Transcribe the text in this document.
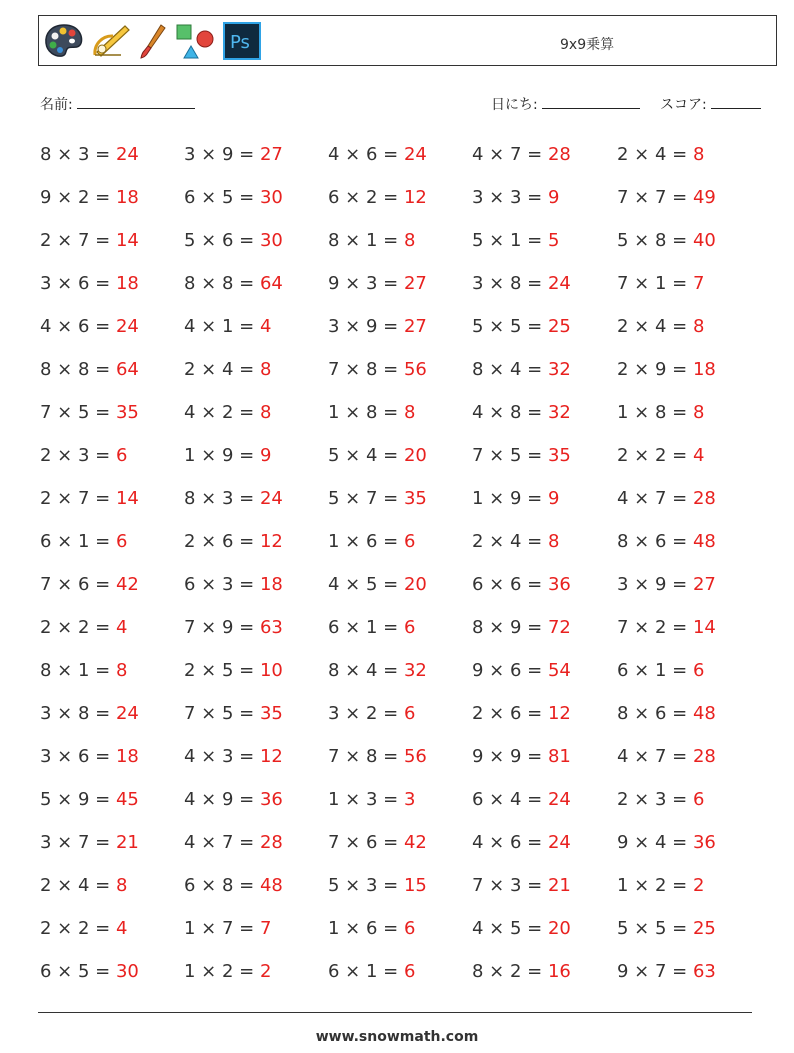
Ps	9x9乗算
名前:	日にち:	スコア:
8 × 3 = 24	3 × 9 = 27	4 × 6 = 24	4 × 7 = 28	2 × 4 = 8
9 × 2 = 18	6 × 5 = 30	6 × 2 = 12	3 × 3 = 9	7 × 7 = 49
2 × 7 = 14	5 × 6 = 30	8 × 1 = 8	5 × 1 = 5	5 × 8 = 40
3 × 6 = 18	8 × 8 = 64	9 × 3 = 27	3 × 8 = 24	7 × 1 = 7
4 × 6 = 24	4 × 1 = 4	3 × 9 = 27	5 × 5 = 25	2 × 4 = 8
8 × 8 = 64	2 × 4 = 8	7 × 8 = 56	8 × 4 = 32	2 × 9 = 18
7 × 5 = 35	4 × 2 = 8	1 × 8 = 8	4 × 8 = 32	1 × 8 = 8
2 × 3 = 6	1 × 9 = 9	5 × 4 = 20	7 × 5 = 35	2 × 2 = 4
2 × 7 = 14	8 × 3 = 24	5 × 7 = 35	1 × 9 = 9	4 × 7 = 28
6 × 1 = 6	2 × 6 = 12	1 × 6 = 6	2 × 4 = 8	8 × 6 = 48
7 × 6 = 42	6 × 3 = 18	4 × 5 = 20	6 × 6 = 36	3 × 9 = 27
2 × 2 = 4	7 × 9 = 63	6 × 1 = 6	8 × 9 = 72	7 × 2 = 14
8 × 1 = 8	2 × 5 = 10	8 × 4 = 32	9 × 6 = 54	6 × 1 = 6
3 × 8 = 24	7 × 5 = 35	3 × 2 = 6	2 × 6 = 12	8 × 6 = 48
3 × 6 = 18	4 × 3 = 12	7 × 8 = 56	9 × 9 = 81	4 × 7 = 28
5 × 9 = 45	4 × 9 = 36	1 × 3 = 3	6 × 4 = 24	2 × 3 = 6
3 × 7 = 21	4 × 7 = 28	7 × 6 = 42	4 × 6 = 24	9 × 4 = 36
2 × 4 = 8	6 × 8 = 48	5 × 3 = 15	7 × 3 = 21	1 × 2 = 2
2 × 2 = 4	1 × 7 = 7	1 × 6 = 6	4 × 5 = 20	5 × 5 = 25
6 × 5 = 30	1 × 2 = 2	6 × 1 = 6	8 × 2 = 16	9 × 7 = 63
www.snowmath.com
